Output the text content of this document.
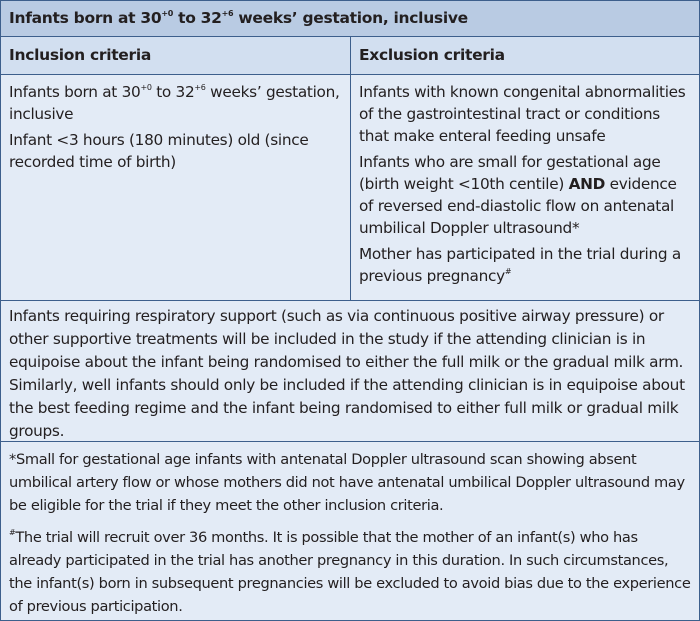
Infants born at $30^{+0}$ to $32^{+6}$ weeks’ gestation, inclusive
Inclusion criteria	Exclusion criteria

Infants born at $30^{+0}$ to $32^{+6}$ weeks’ gestation, inclusive

Infant <3 hours (180 minutes) old (since recorded time of birth)

Infants with known congenital abnormalities of the gastrointestinal tract or conditions that make enteral feeding unsafe

Infants who are small for gestational age (birth weight <10th centile) AND evidence of reversed end-diastolic flow on antenatal umbilical Doppler ultrasound*

Mother has participated in the trial during a previous pregnancy#

Infants requiring respiratory support (such as via continuous positive airway pressure) or other supportive treatments will be included in the study if the attending clinician is in equipoise about the infant being randomised to either the full milk or the gradual milk arm. Similarly, well infants should only be included if the attending clinician is in equipoise about the best feeding regime and the infant being randomised to either full milk or gradual milk groups.

*Small for gestational age infants with antenatal Doppler ultrasound scan showing absent umbilical artery flow or whose mothers did not have antenatal umbilical Doppler ultrasound may be eligible for the trial if they meet the other inclusion criteria.

#The trial will recruit over 36 months. It is possible that the mother of an infant(s) who has already participated in the trial has another pregnancy in this duration. In such circumstances, the infant(s) born in subsequent pregnancies will be excluded to avoid bias due to the experience of previous participation.
